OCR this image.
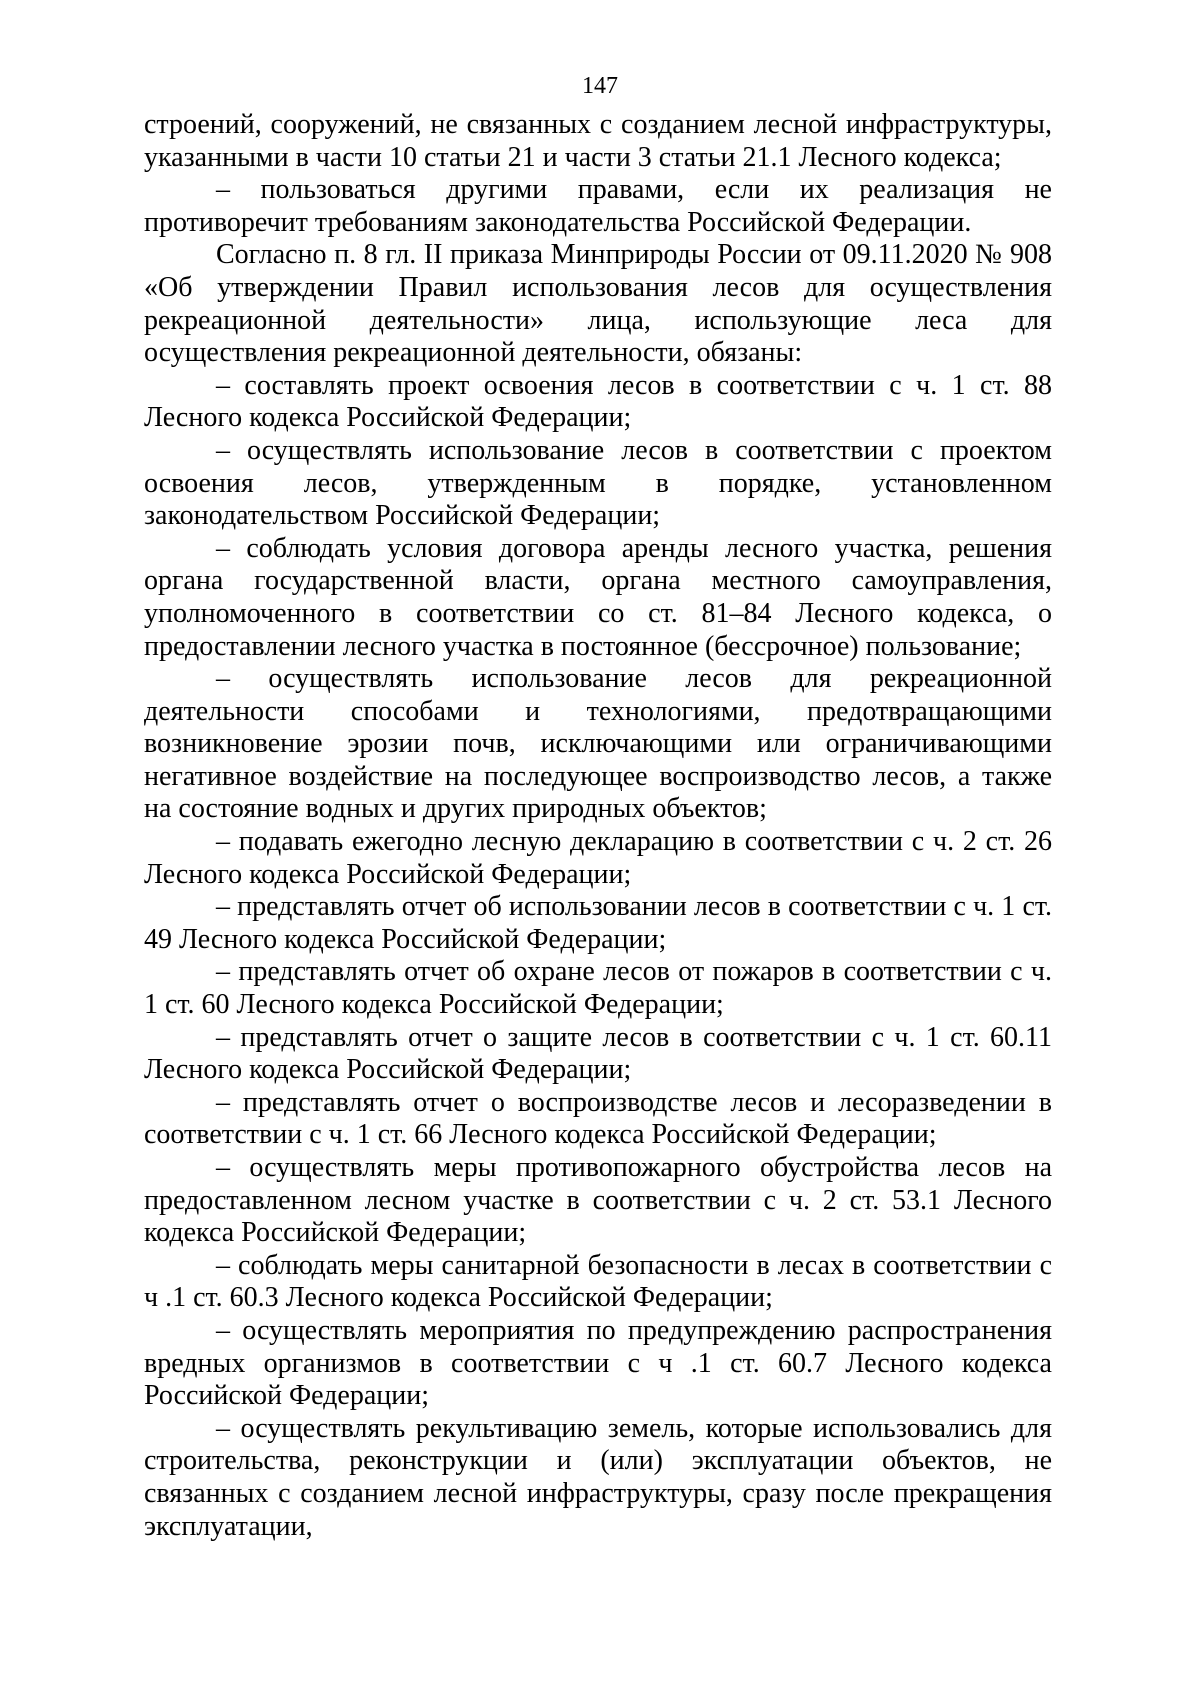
147

строений, сооружений, не связанных с созданием лесной инфраструктуры, указанными в части 10 статьи 21 и части 3 статьи 21.1 Лесного кодекса;

– пользоваться другими правами, если их реализация не противоречит требованиям законодательства Российской Федерации.

Согласно п. 8 гл. II приказа Минприроды России от 09.11.2020 № 908 «Об утверждении Правил использования лесов для осуществления рекреационной деятельности» лица, использующие леса для осуществления рекреационной деятельности, обязаны:

– составлять проект освоения лесов в соответствии с ч. 1 ст. 88 Лесного кодекса Российской Федерации;

– осуществлять использование лесов в соответствии с проектом освоения лесов, утвержденным в порядке, установленном законодательством Российской Федерации;

– соблюдать условия договора аренды лесного участка, решения органа государственной власти, органа местного самоуправления, уполномоченного в соответствии со ст. 81–84 Лесного кодекса, о предоставлении лесного участка в постоянное (бессрочное) пользование;

– осуществлять использование лесов для рекреационной деятельности способами и технологиями, предотвращающими возникновение эрозии почв, исключающими или ограничивающими негативное воздействие на последующее воспроизводство лесов, а также на состояние водных и других природных объектов;

– подавать ежегодно лесную декларацию в соответствии с ч. 2 ст. 26 Лесного кодекса Российской Федерации;

– представлять отчет об использовании лесов в соответствии с ч. 1 ст. 49 Лесного кодекса Российской Федерации;

– представлять отчет об охране лесов от пожаров в соответствии с ч. 1 ст. 60 Лесного кодекса Российской Федерации;

– представлять отчет о защите лесов в соответствии с ч. 1 ст. 60.11 Лесного кодекса Российской Федерации;

– представлять отчет о воспроизводстве лесов и лесоразведении в соответствии с ч. 1 ст. 66 Лесного кодекса Российской Федерации;

– осуществлять меры противопожарного обустройства лесов на предоставленном лесном участке в соответствии с ч. 2 ст. 53.1 Лесного кодекса Российской Федерации;

– соблюдать меры санитарной безопасности в лесах в соответствии с ч .1 ст. 60.3 Лесного кодекса Российской Федерации;

– осуществлять мероприятия по предупреждению распространения вредных организмов в соответствии с ч .1 ст. 60.7 Лесного кодекса Российской Федерации;

– осуществлять рекультивацию земель, которые использовались для строительства, реконструкции и (или) эксплуатации объектов, не связанных с созданием лесной инфраструктуры, сразу после прекращения эксплуатации,
